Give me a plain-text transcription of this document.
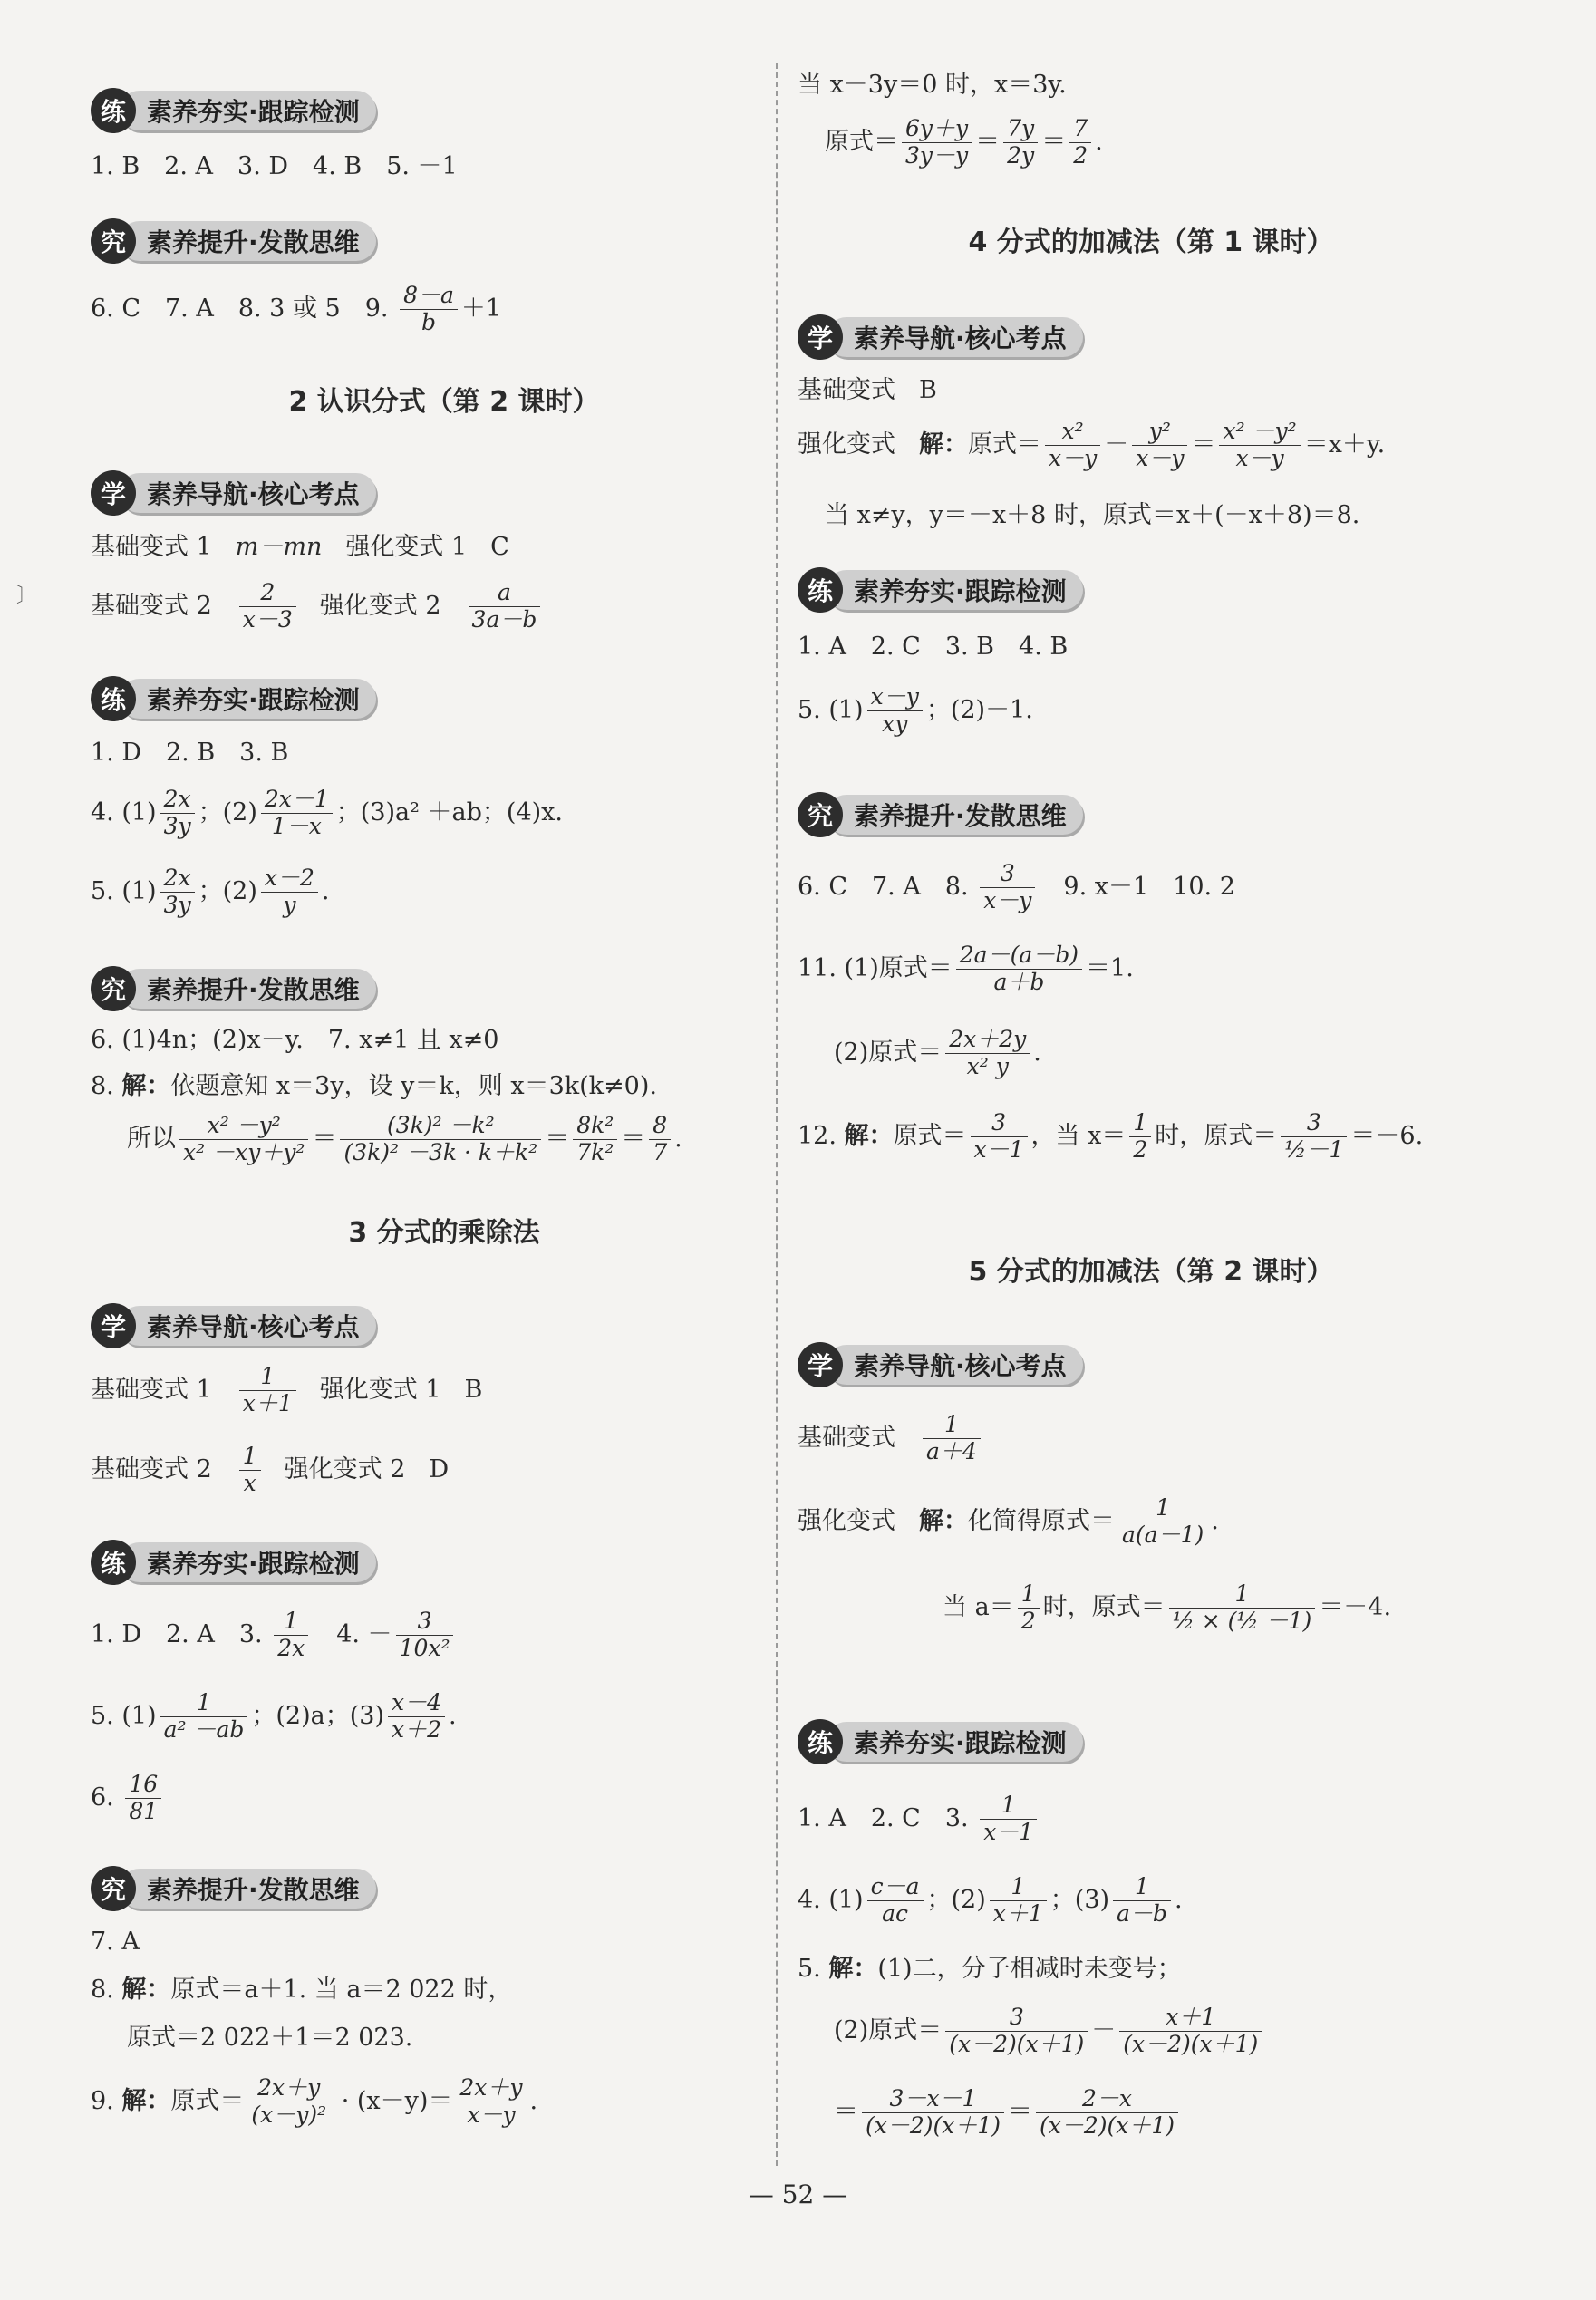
〕
练 素养夯实·跟踪检测
1. B　2. A　3. D　4. B　5. －1
究 素养提升·发散思维
6. C　7. A　8. 3 或 5　9. $\frac{8-a}{b} +1$
2 认识分式（第 2 课时）
学 素养导航·核心考点
基础变式 1 m－mn 强化变式 1 C
基础变式 $2 \frac{2}{x-3}$ 强化变式 $2 \frac{a}{3a-b}$
练 素养夯实·跟踪检测
1. D　2. B　3. B
4. $(1) \frac{2x}{3y}$ ；$(2) \frac{2x-1}{1-x}$ ；(3)a² ＋ab；(4)x.
5. $(1) \frac{2x}{3y}$ ；$(2) \frac{x-2}{y}$ .
究 素养提升·发散思维
6. (1)4n；(2)x－y.　7. x≠1 且 x≠0
8. 解：依题意知 x＝3y，设 y＝k，则 x＝3k(k≠0).
所以 $\frac{\text{x² －y²}}{\text{x² －xy＋y²}} = \frac{\text{(3k)² －k²}}{\text{(3k)² －3k · k＋k²}} = \frac{\text{8k²}}{\text{7k²}} = \frac{8}{7}$ .
3 分式的乘除法
学 素养导航·核心考点
基础变式 $1 \frac{1}{x+1}$ 强化变式 1 B
基础变式 $2 \frac{1}{x}$ 强化变式 2 D
练 素养夯实·跟踪检测
1. D　2. A　3. $\frac{1}{2x}$ 　4. － $\frac{3}{\text{10x²}}$
5. $(1) \frac{1}{\text{a² －ab}}$ ；(2)a；$(3) \frac{x-4}{x+2}$ .
6. $\frac{16}{81}$
究 素养提升·发散思维
7. A
8. 解：原式＝a＋1. 当 a＝2 022 时，
原式＝2 022＋1＝2 023.
9. 解：原式＝ $\frac{2x+y}{\text{(x－y)²}} \cdot (x-y)= \frac{2x+y}{x-y}$ .
当 x－3y＝0 时，x＝3y.
原式＝ $\frac{6y+y}{3y-y} = \frac{7y}{2y} = \frac{7}{2}$ .
4 分式的加减法（第 1 课时）
学 素养导航·核心考点
基础变式 B
强化变式 解：原式＝ $\frac{\text{x²}}{x-y} - \frac{\text{y²}}{x-y} = \frac{\text{x² －y²}}{x-y} =x+y$.
当 x≠y，y＝－x＋8 时，原式＝x＋(－x＋8)＝8.
练 素养夯实·跟踪检测
1. A　2. C　3. B　4. B
5. $(1) \frac{x-y}{xy}$ ；(2)－1.
究 素养提升·发散思维
6. C　7. A　8. $\frac{3}{x-y}$ 　9. x－1　10. 2
11. (1)原式＝ $\frac{2a-(a-b)}{a+b} =1$.
(2)原式＝ $\frac{2x+2y}{\text{x² y}}$ .
12. 解：原式＝ $\frac{3}{x-1}$ ，当 $x= \frac{1}{2}$ 时，原式＝ $\frac{3}{\text{½－1}} =-6$.
5 分式的加减法（第 2 课时）
学 素养导航·核心考点
基础变式 $\frac{1}{a+4}$
强化变式 解：化简得原式＝ $\frac{1}{a(a-1)}$ .
当 $a= \frac{1}{2}$ 时，原式＝ $\frac{1}{\text{½ × (½ －1)}} =-4$.
练 素养夯实·跟踪检测
1. A　2. C　3. $\frac{1}{x-1}$
4. $(1) \frac{c-a}{ac}$ ；$(2) \frac{1}{x+1}$ ；$(3) \frac{1}{a-b}$ .
5. 解：(1)二，分子相减时未变号；
(2)原式＝ $\frac{3}{(x-2)(x+1)} - \frac{x+1}{(x-2)(x+1)}$
＝ $\frac{3-x-1}{(x-2)(x+1)} = \frac{2-x}{(x-2)(x+1)}$
— 52 —
